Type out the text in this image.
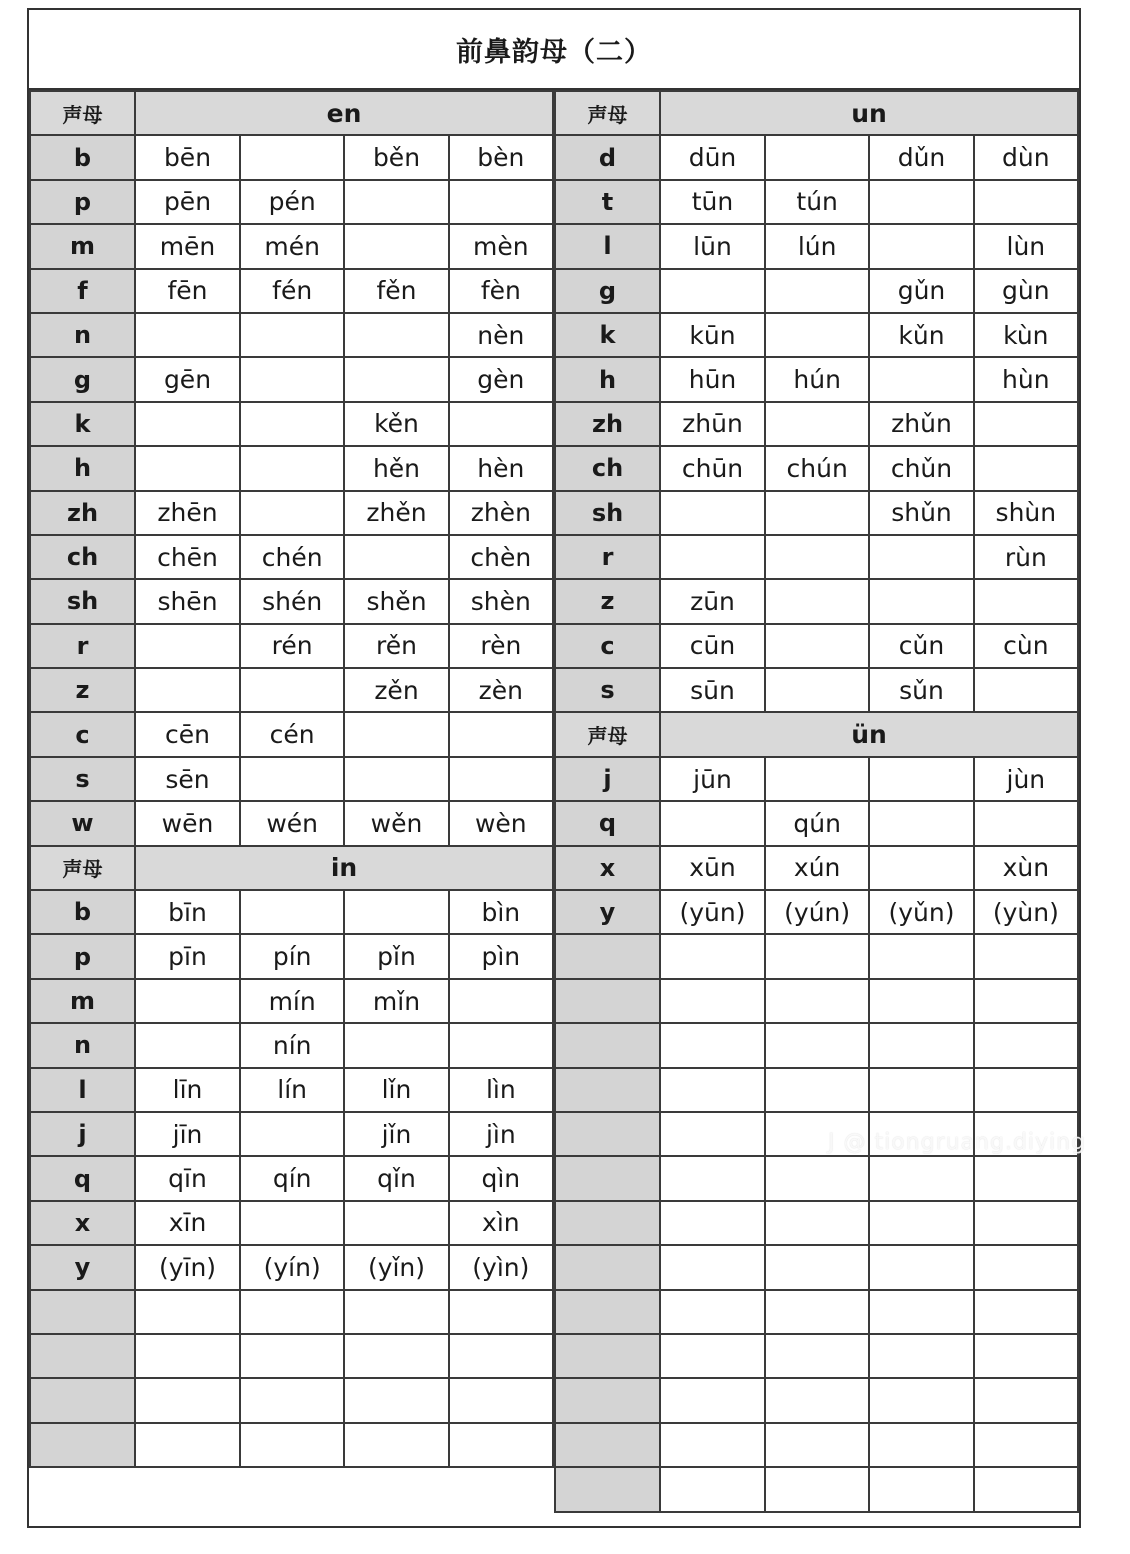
前鼻韵母（二）
声母	en			
b	bēn		běn	bèn
p	pēn	pén		
m	mēn	mén		mèn
f	fēn	fén	fěn	fèn
n				nèn
g	gēn			gèn
k			kěn	
h			hěn	hèn
zh	zhēn		zhěn	zhèn
ch	chēn	chén		chèn
sh	shēn	shén	shěn	shèn
r		rén	rěn	rèn
z			zěn	zèn
c	cēn	cén		
s	sēn			
w	wēn	wén	wěn	wèn
声母	in			
b	bīn			bìn
p	pīn	pín	pǐn	pìn
m		mín	mǐn	
n		nín		
l	līn	lín	lǐn	lìn
j	jīn		jǐn	jìn
q	qīn	qín	qǐn	qìn
x	xīn			xìn
y	(yīn)	(yín)	(yǐn)	(yìn)

声母	un			
d	dūn		dǔn	dùn
t	tūn	tún		
l	lūn	lún		lùn
g			gǔn	gùn
k	kūn		kǔn	kùn
h	hūn	hún		hùn
zh	zhūn		zhǔn	
ch	chūn	chún	chǔn	
sh			shǔn	shùn
r				rùn
z	zūn			
c	cūn		cǔn	cùn
s	sūn		sǔn	
声母	ün			
j	jūn			jùn
q		qún		
x	xūn	xún		xùn
y	(yūn)	(yún)	(yǔn)	(yùn)

J @ tiongruang.diying
